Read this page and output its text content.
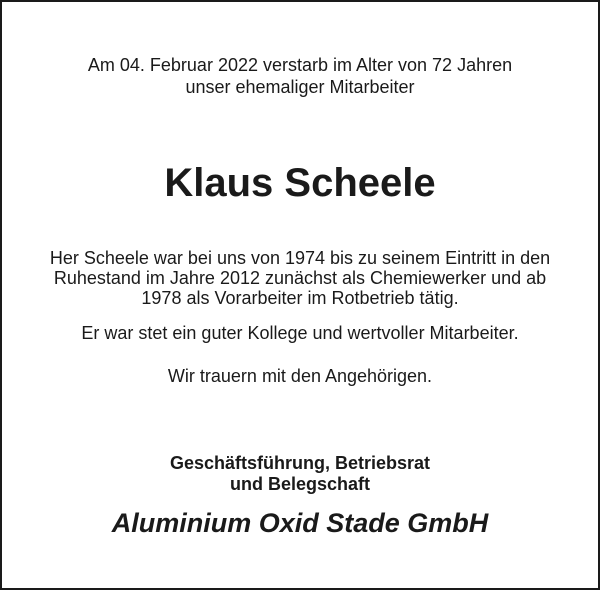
Am 04. Februar 2022 verstarb im Alter von 72 Jahren
unser ehemaliger Mitarbeiter
Klaus Scheele
Her Scheele war bei uns von 1974 bis zu seinem Eintritt in den
Ruhestand im Jahre 2012 zunächst als Chemiewerker und ab
1978 als Vorarbeiter im Rotbetrieb tätig.
Er war stet ein guter Kollege und wertvoller Mitarbeiter.
Wir trauern mit den Angehörigen.
Geschäftsführung, Betriebsrat
und Belegschaft
Aluminium Oxid Stade GmbH
